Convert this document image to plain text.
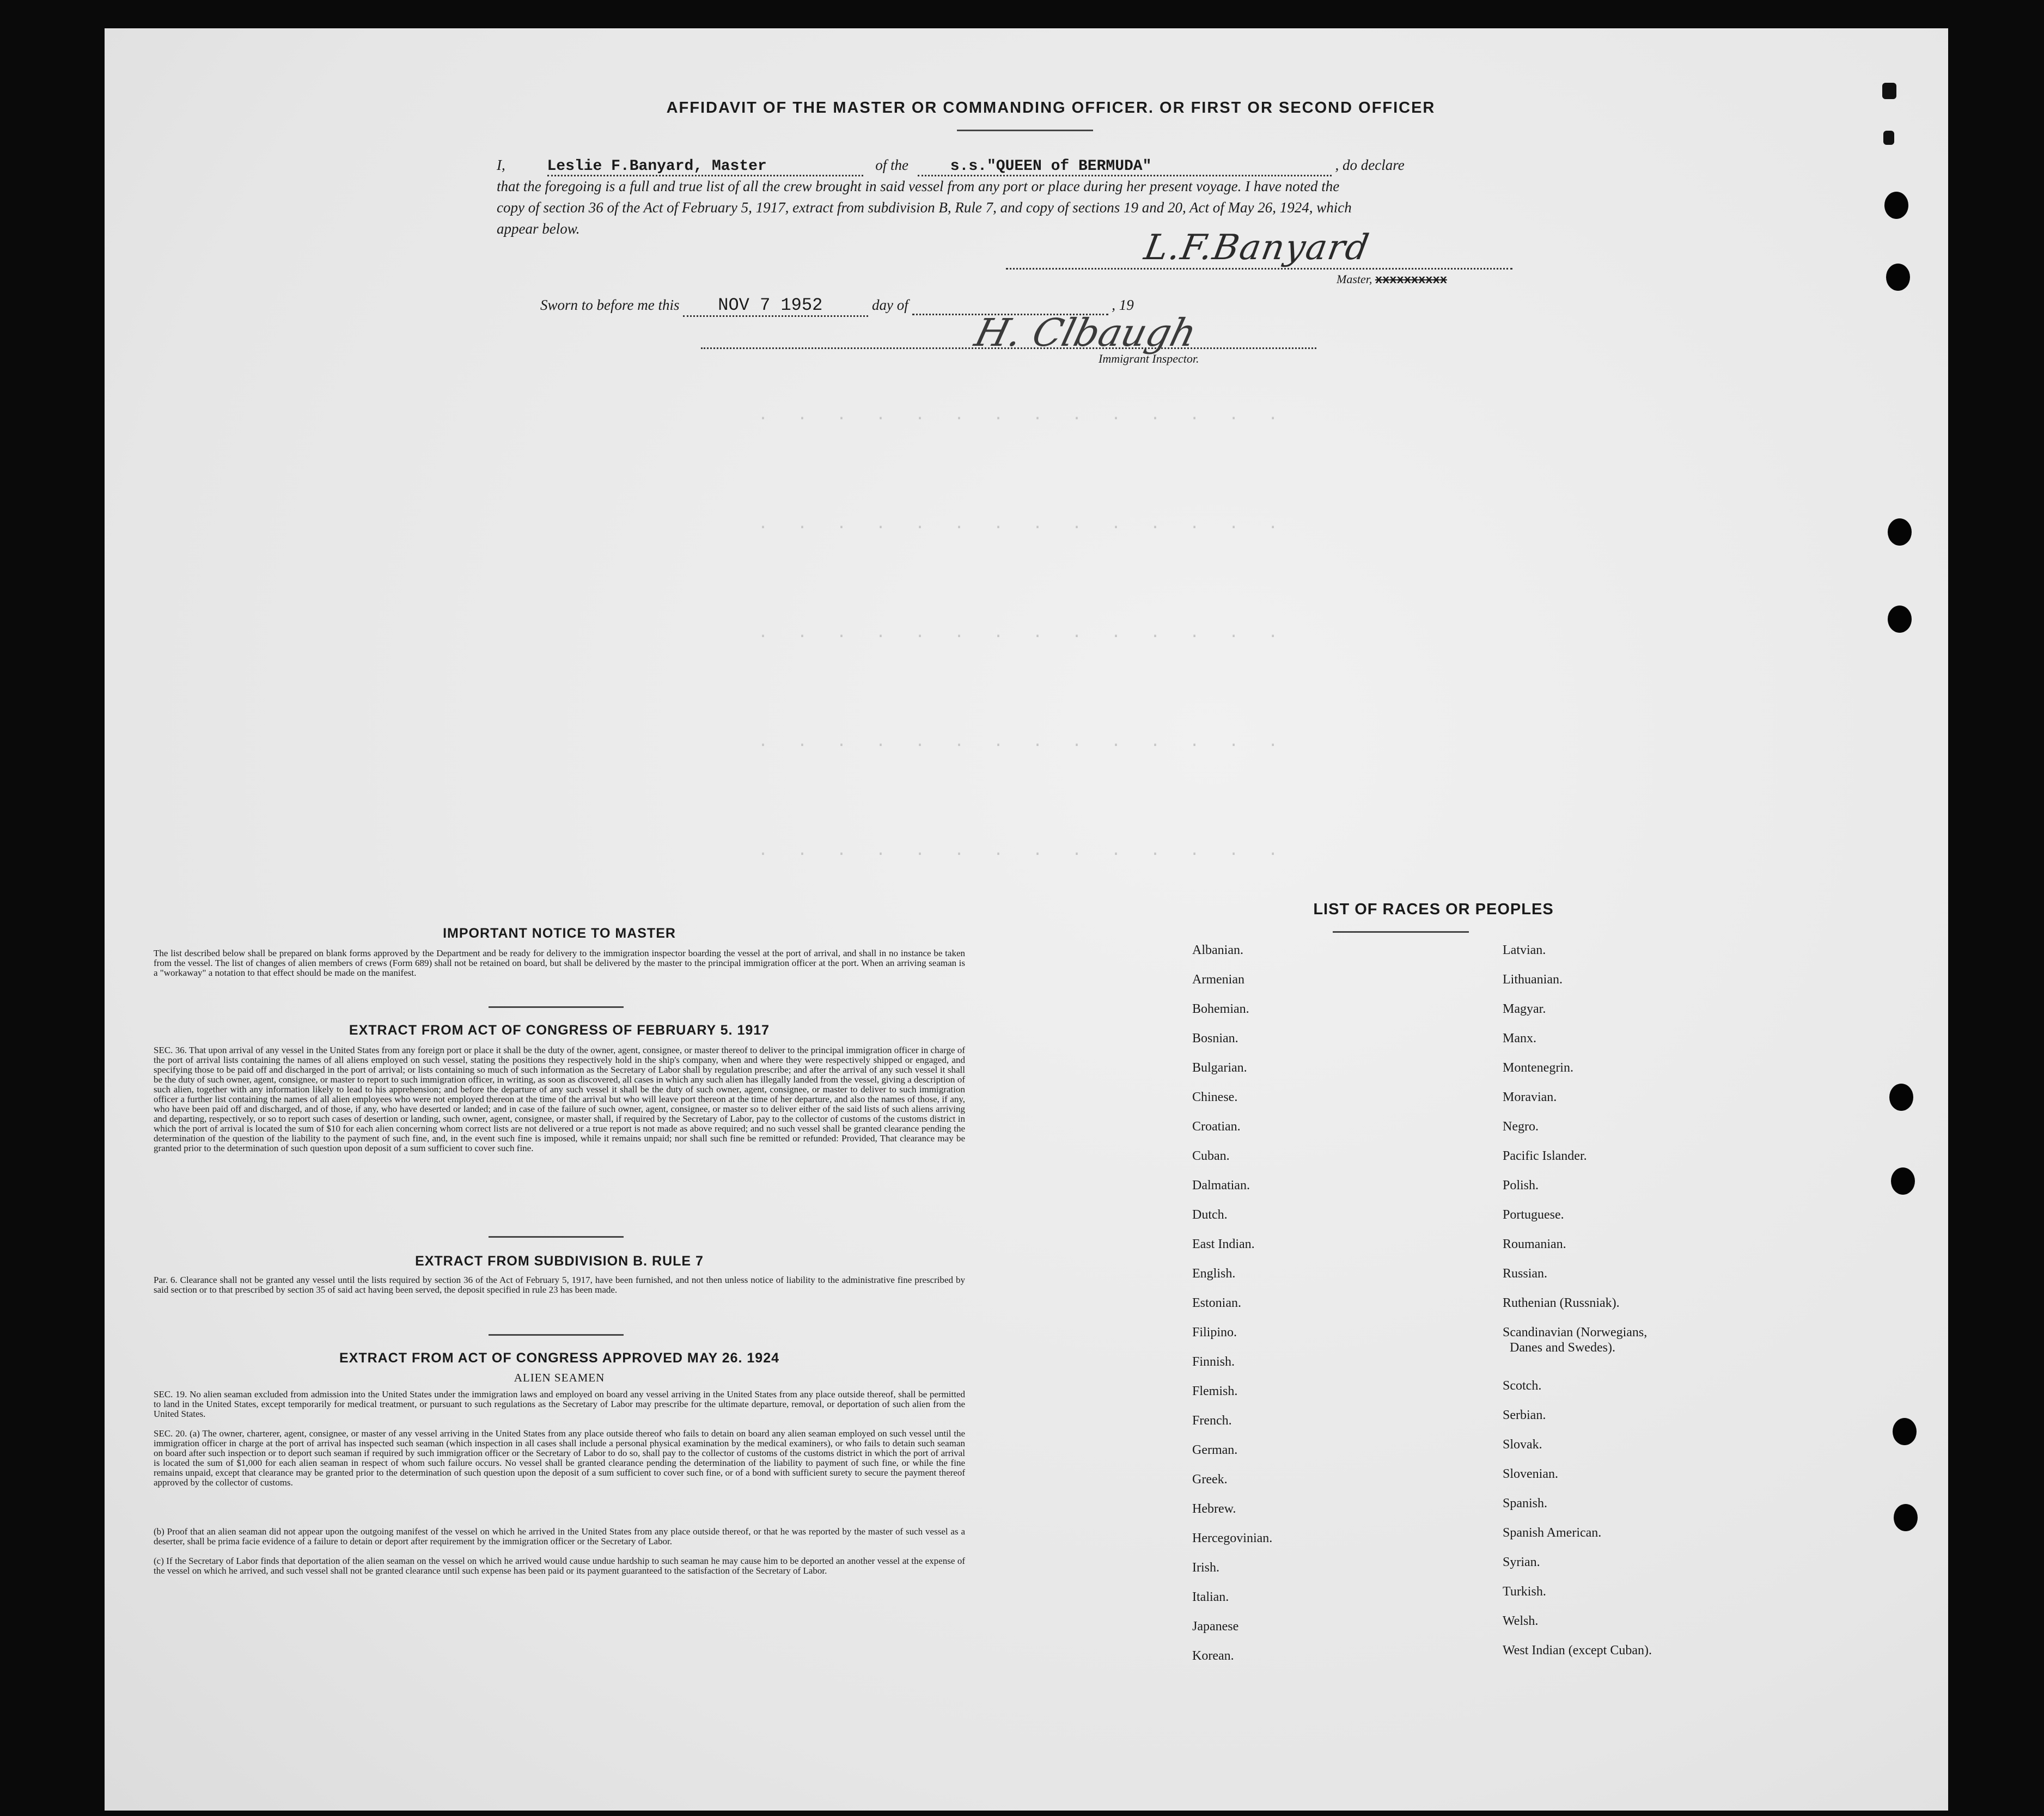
· · · · · · · · · · · · · ·
· · · · · · · · · · · · · ·
· · · · · · · · · · · · · ·
· · · · · · · · · · · · · ·
· · · · · · · · · · · · · ·
AFFIDAVIT OF THE MASTER OR COMMANDING OFFICER. OR FIRST OR SECOND OFFICER
I,	Leslie F.Banyard, Master	of the	s.s."QUEEN of BERMUDA"	, do declare
that the foregoing is a full and true list of all the crew brought in said vessel from any port or place during her present voyage. I have noted the
copy of section 36 of the Act of February 5, 1917, extract from subdivision B, Rule 7, and copy of sections 19 and 20, Act of May 26, 1924, which
appear below.	L.F.Banyard
Master, xxxxxxxxxx
Sworn to before me this NOV 7 1952	day of	, 19
H. Clbaugh
Immigrant Inspector.
IMPORTANT NOTICE TO MASTER
The list described below shall be prepared on blank forms approved by the Department and be ready for delivery to the immigration inspector boarding the vessel at the port of arrival, and shall in no instance be taken from the vessel. The list of changes of alien members of crews (Form 689) shall not be retained on board, but shall be delivered by the master to the principal immigration officer at the port. When an arriving seaman is a "workaway" a notation to that effect should be made on the manifest.
EXTRACT FROM ACT OF CONGRESS OF FEBRUARY 5. 1917
SEC. 36. That upon arrival of any vessel in the United States from any foreign port or place it shall be the duty of the owner, agent, consignee, or master thereof to deliver to the principal immigration officer in charge of the port of arrival lists containing the names of all aliens employed on such vessel, stating the positions they respectively hold in the ship's company, when and where they were respectively shipped or engaged, and specifying those to be paid off and discharged in the port of arrival; or lists containing so much of such information as the Secretary of Labor shall by regulation prescribe; and after the arrival of any such vessel it shall be the duty of such owner, agent, consignee, or master to report to such immigration officer, in writing, as soon as discovered, all cases in which any such alien has illegally landed from the vessel, giving a description of such alien, together with any information likely to lead to his apprehension; and before the departure of any such vessel it shall be the duty of such owner, agent, consignee, or master to deliver to such immigration officer a further list containing the names of all alien employees who were not employed thereon at the time of the arrival but who will leave port thereon at the time of her departure, and also the names of those, if any, who have been paid off and discharged, and of those, if any, who have deserted or landed; and in case of the failure of such owner, agent, consignee, or master so to deliver either of the said lists of such aliens arriving and departing, respectively, or so to report such cases of desertion or landing, such owner, agent, consignee, or master shall, if required by the Secretary of Labor, pay to the collector of customs of the customs district in which the port of arrival is located the sum of $10 for each alien concerning whom correct lists are not delivered or a true report is not made as above required; and no such vessel shall be granted clearance pending the determination of the question of the liability to the payment of such fine, and, in the event such fine is imposed, while it remains unpaid; nor shall such fine be remitted or refunded: Provided, That clearance may be granted prior to the determination of such question upon deposit of a sum sufficient to cover such fine.
EXTRACT FROM SUBDIVISION B. RULE 7
Par. 6. Clearance shall not be granted any vessel until the lists required by section 36 of the Act of February 5, 1917, have been furnished, and not then unless notice of liability to the administrative fine prescribed by said section or to that prescribed by section 35 of said act having been served, the deposit specified in rule 23 has been made.
EXTRACT FROM ACT OF CONGRESS APPROVED MAY 26. 1924
ALIEN SEAMEN
SEC. 19. No alien seaman excluded from admission into the United States under the immigration laws and employed on board any vessel arriving in the United States from any place outside thereof, shall be permitted to land in the United States, except temporarily for medical treatment, or pursuant to such regulations as the Secretary of Labor may prescribe for the ultimate departure, removal, or deportation of such alien from the United States.
SEC. 20. (a) The owner, charterer, agent, consignee, or master of any vessel arriving in the United States from any place outside thereof who fails to detain on board any alien seaman employed on such vessel until the immigration officer in charge at the port of arrival has inspected such seaman (which inspection in all cases shall include a personal physical examination by the medical examiners), or who fails to detain such seaman on board after such inspection or to deport such seaman if required by such immigration officer or the Secretary of Labor to do so, shall pay to the collector of customs of the customs district in which the port of arrival is located the sum of $1,000 for each alien seaman in respect of whom such failure occurs. No vessel shall be granted clearance pending the determination of the liability to payment of such fine, or while the fine remains unpaid, except that clearance may be granted prior to the determination of such question upon the deposit of a sum sufficient to cover such fine, or of a bond with sufficient surety to secure the payment thereof approved by the collector of customs.
(b) Proof that an alien seaman did not appear upon the outgoing manifest of the vessel on which he arrived in the United States from any place outside thereof, or that he was reported by the master of such vessel as a deserter, shall be prima facie evidence of a failure to detain or deport after requirement by the immigration officer or the Secretary of Labor.
(c) If the Secretary of Labor finds that deportation of the alien seaman on the vessel on which he arrived would cause undue hardship to such seaman he may cause him to be deported an another vessel at the expense of the vessel on which he arrived, and such vessel shall not be granted clearance until such expense has been paid or its payment guaranteed to the satisfaction of the Secretary of Labor.
LIST OF RACES OR PEOPLES
Albanian.
Armenian
Bohemian.
Bosnian.
Bulgarian.
Chinese.
Croatian.
Cuban.
Dalmatian.
Dutch.
East Indian.
English.
Estonian.
Filipino.
Finnish.
Flemish.
French.
German.
Greek.
Hebrew.
Hercegovinian.
Irish.
Italian.
Japanese
Korean.
Latvian.
Lithuanian.
Magyar.
Manx.
Montenegrin.
Moravian.
Negro.
Pacific Islander.
Polish.
Portuguese.
Roumanian.
Russian.
Ruthenian (Russniak).
Scandinavian (Norwegians,
Danes and Swedes).
Scotch.
Serbian.
Slovak.
Slovenian.
Spanish.
Spanish American.
Syrian.
Turkish.
Welsh.
West Indian (except Cuban).
